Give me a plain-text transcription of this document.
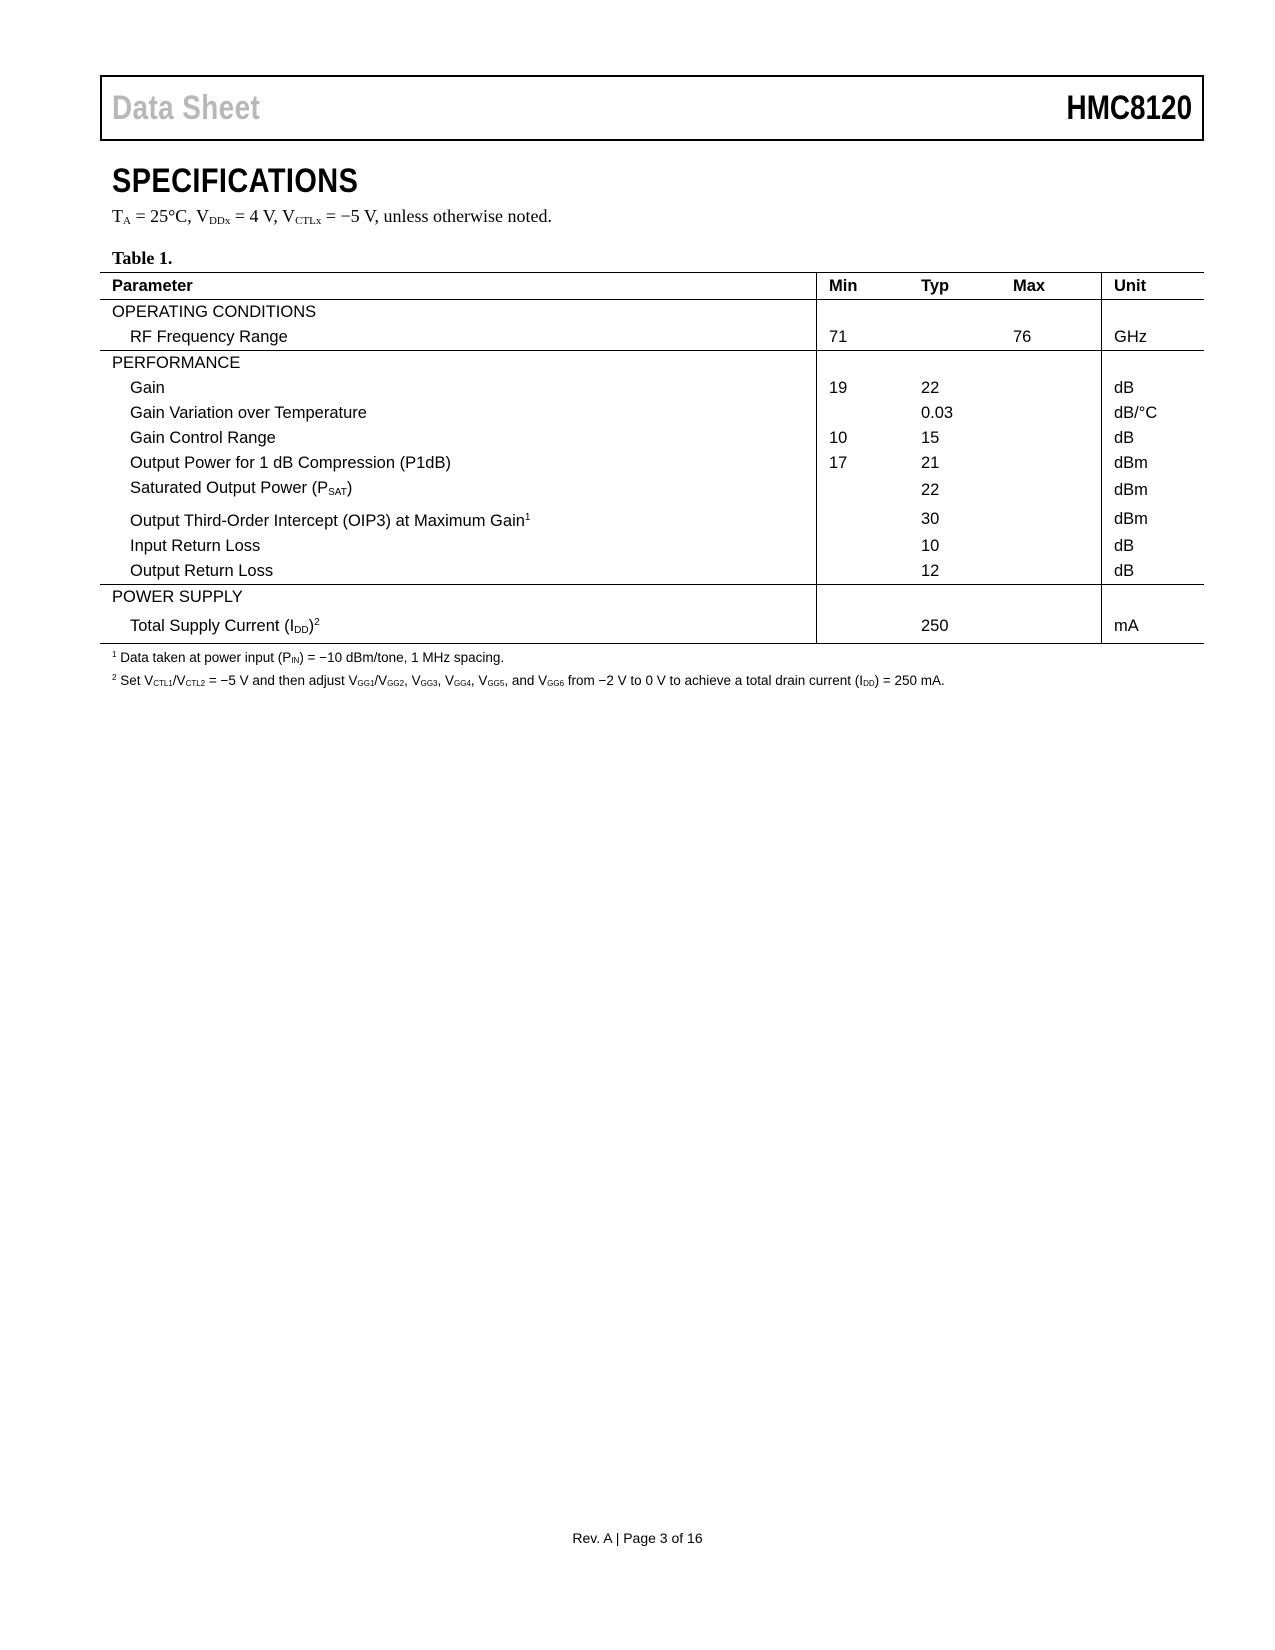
Data Sheet	HMC8120
SPECIFICATIONS
$T_A = 25^\circ C$, $V_{DDx} = 4$ V, $V_{CTLx} = -5$ V, unless otherwise noted.
Table 1.
Parameter	Min	Typ	Max	Unit
OPERATING CONDITIONS				
RF Frequency Range	71		76	GHz
PERFORMANCE				
Gain	19	22		dB
Gain Variation over Temperature		0.03		dB/°C
Gain Control Range	10	15		dB
Output Power for 1 dB Compression (P1dB)	17	21		dBm
Saturated Output Power $(P_{SAT})$		22		dBm
Output Third-Order Intercept (OIP3) at Maximum Gain$^1$		30		dBm
Input Return Loss		10		dB
Output Return Loss		12		dB
POWER SUPPLY				
Total Supply Current $(I_{DD})^2$		250		mA
$^1$ Data taken at power input $(P_{IN}) = -10$ dBm/tone, 1 MHz spacing.
$^2$ Set $V_{CTL1}/V_{CTL2} = -5$ V and then adjust $V_{GG1}/V_{GG2}$, $V_{GG3}$, $V_{GG4}$, $V_{GG5}$, and $V_{GG6}$ from −2 V to 0 V to achieve a total drain current $(I_{DD}) = 250$ mA.
Rev. A | Page 3 of 16
